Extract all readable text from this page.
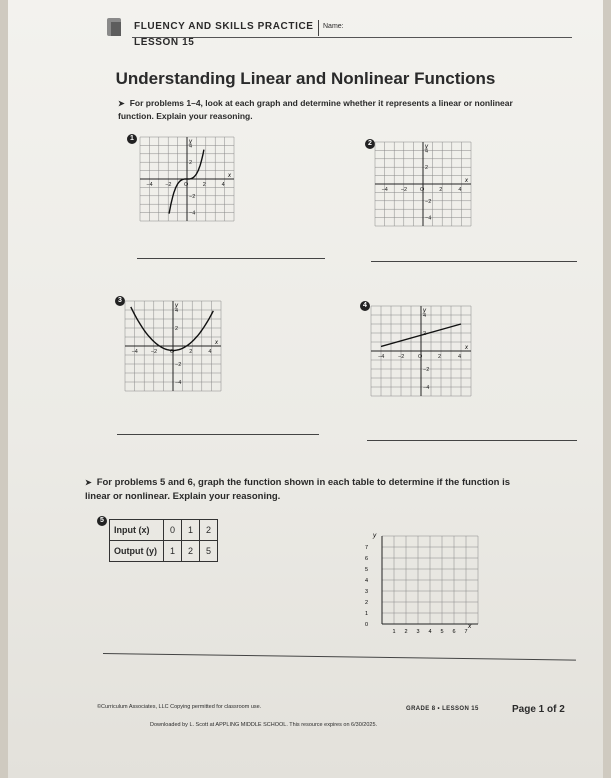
FLUENCY AND SKILLS PRACTICE Name:
LESSON 15
Understanding Linear and Nonlinear Functions
➤ For problems 1–4, look at each graph and determine whether it represents a linear or nonlinear function. Explain your reasoning.
1
2
3
4
5
−4 −2 O	2	4
4
2
−2
−4
x
y
−4 −2 O	2	4
4
2
−2
−4
x
y
−4 −2 O	2	4
4
2
−2
−4
x
y
−4 −2 O	2	4
4
2
−2
−4
x
y
➤ For problems 5 and 6, graph the function shown in each table to determine if the function is linear or nonlinear. Explain your reasoning.
Input (x)	0	1	2
Output (y)	1	2	5
y
x
7
6
5
4
3
2
1
0
1 2 3 4 5 6 7
©Curriculum Associates, LLC Copying permitted for classroom use.	GRADE 8 • LESSON 15	Page 1 of 2
Downloaded by L. Scott at APPLING MIDDLE SCHOOL. This resource expires on 6/30/2025.
